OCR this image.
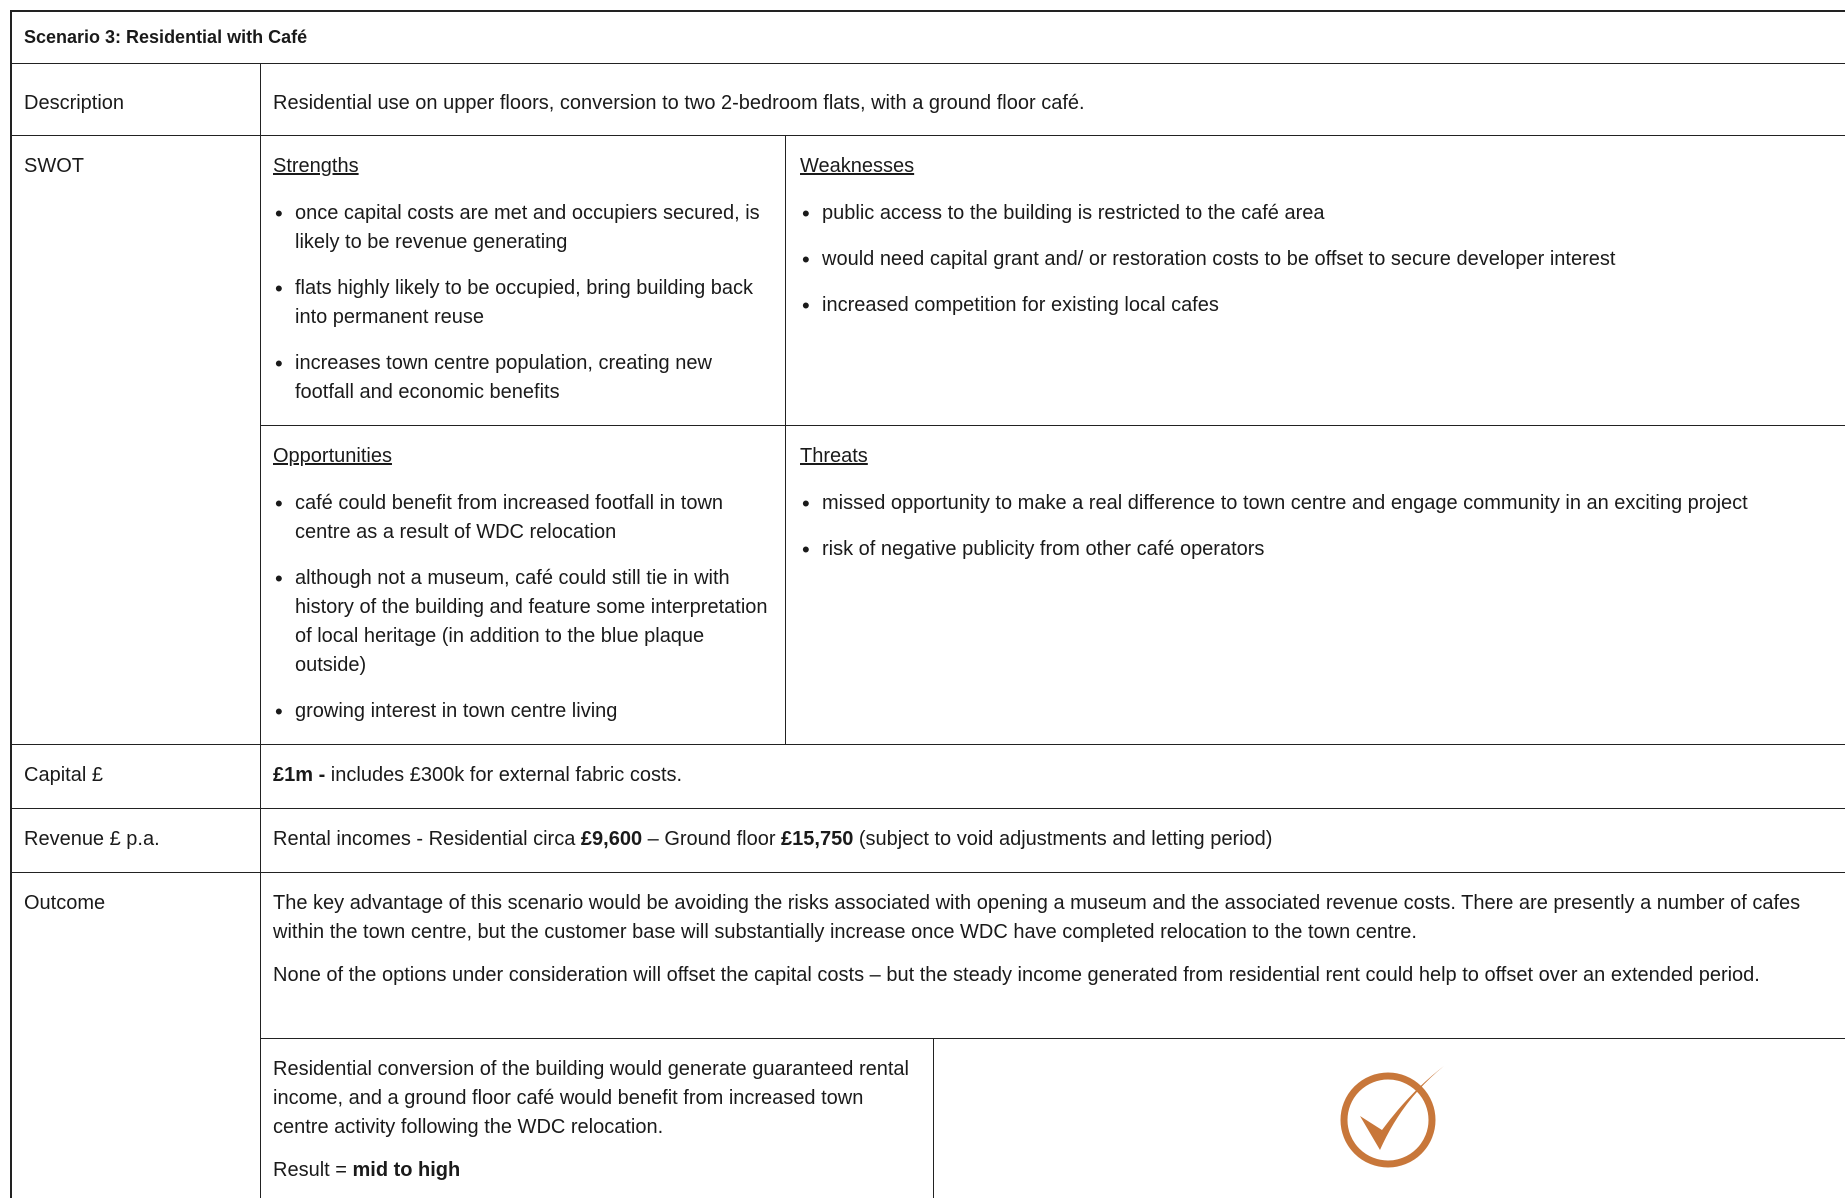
Scenario 3: Residential with Café
Description	Residential use on upper floors, conversion to two 2-bedroom flats, with a ground floor café.
SWOT	Strengths
• once capital costs are met and occupiers secured, is likely to be revenue generating
• flats highly likely to be occupied, bring building back into permanent reuse
• increases town centre population, creating new footfall and economic benefits
Weaknesses
• public access to the building is restricted to the café area
• would need capital grant and/ or restoration costs to be offset to secure developer interest
• increased competition for existing local cafes
Opportunities
• café could benefit from increased footfall in town centre as a result of WDC relocation
• although not a museum, café could still tie in with history of the building and feature some interpretation of local heritage (in addition to the blue plaque outside)
• growing interest in town centre living
Threats
• missed opportunity to make a real difference to town centre and engage community in an exciting project
• risk of negative publicity from other café operators
Capital £	£1m - includes £300k for external fabric costs.
Revenue £ p.a.	Rental incomes - Residential circa £9,600 – Ground floor £15,750 (subject to void adjustments and letting period)
Outcome	The key advantage of this scenario would be avoiding the risks associated with opening a museum and the associated revenue costs. There are presently a number of cafes within the town centre, but the customer base will substantially increase once WDC have completed relocation to the town centre.

None of the options under consideration will offset the capital costs – but the steady income generated from residential rent could help to offset over an extended period.

Residential conversion of the building would generate guaranteed rental income, and a ground floor café would benefit from increased town centre activity following the WDC relocation.

Result = mid to high
